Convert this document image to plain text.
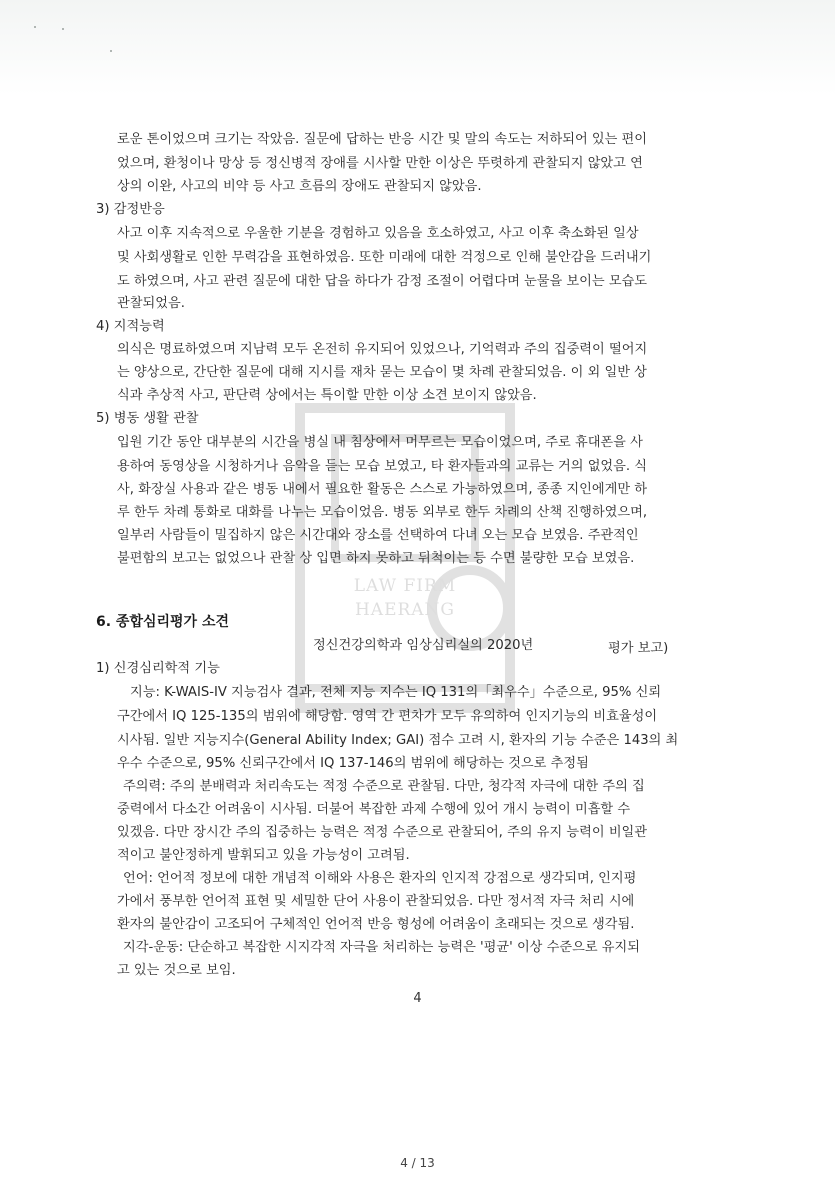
LAW FIRM
HAERANG
로운 톤이었으며 크기는 작았음. 질문에 답하는 반응 시간 및 말의 속도는 저하되어 있는 편이
었으며, 환청이나 망상 등 정신병적 장애를 시사할 만한 이상은 뚜렷하게 관찰되지 않았고 연
상의 이완, 사고의 비약 등 사고 흐름의 장애도 관찰되지 않았음.
3) 감정반응
사고 이후 지속적으로 우울한 기분을 경험하고 있음을 호소하였고, 사고 이후 축소화된 일상
및 사회생활로 인한 무력감을 표현하였음. 또한 미래에 대한 걱정으로 인해 불안감을 드러내기
도 하였으며, 사고 관련 질문에 대한 답을 하다가 감정 조절이 어렵다며 눈물을 보이는 모습도
관찰되었음.
4) 지적능력
의식은 명료하였으며 지남력 모두 온전히 유지되어 있었으나, 기억력과 주의 집중력이 떨어지
는 양상으로, 간단한 질문에 대해 지시를 재차 묻는 모습이 몇 차례 관찰되었음. 이 외 일반 상
식과 추상적 사고, 판단력 상에서는 특이할 만한 이상 소견 보이지 않았음.
5) 병동 생활 관찰
입원 기간 동안 대부분의 시간을 병실 내 침상에서 머무르는 모습이었으며, 주로 휴대폰을 사
용하여 동영상을 시청하거나 음악을 듣는 모습 보였고, 타 환자들과의 교류는 거의 없었음. 식
사, 화장실 사용과 같은 병동 내에서 필요한 활동은 스스로 가능하였으며, 종종 지인에게만 하
루 한두 차례 통화로 대화를 나누는 모습이었음. 병동 외부로 한두 차례의 산책 진행하였으며,
일부러 사람들이 밀집하지 않은 시간대와 장소를 선택하여 다녀 오는 모습 보였음. 주관적인
불편함의 보고는 없었으나 관찰 상 입면 하지 못하고 뒤척이는 등 수면 불량한 모습 보였음.
6. 종합심리평가 소견
정신건강의학과 임상심리실의 2020년	평가 보고)
1) 신경심리학적 기능
지능: K-WAIS-IV 지능검사 결과, 전체 지능 지수는 IQ 131의「최우수」수준으로, 95% 신뢰
구간에서 IQ 125-135의 범위에 해당함. 영역 간 편차가 모두 유의하여 인지기능의 비효율성이
시사됨. 일반 지능지수(General Ability Index; GAI) 점수 고려 시, 환자의 기능 수준은 143의 최
우수 수준으로, 95% 신뢰구간에서 IQ 137-146의 범위에 해당하는 것으로 추정됨
주의력: 주의 분배력과 처리속도는 적정 수준으로 관찰됨. 다만, 청각적 자극에 대한 주의 집
중력에서 다소간 어려움이 시사됨. 더불어 복잡한 과제 수행에 있어 개시 능력이 미흡할 수
있겠음. 다만 장시간 주의 집중하는 능력은 적정 수준으로 관찰되어, 주의 유지 능력이 비일관
적이고 불안정하게 발휘되고 있을 가능성이 고려됨.
언어: 언어적 정보에 대한 개념적 이해와 사용은 환자의 인지적 강점으로 생각되며, 인지평
가에서 풍부한 언어적 표현 및 세밀한 단어 사용이 관찰되었음. 다만 정서적 자극 처리 시에
환자의 불안감이 고조되어 구체적인 언어적 반응 형성에 어려움이 초래되는 것으로 생각됨.
지각-운동: 단순하고 복잡한 시지각적 자극을 처리하는 능력은 '평균' 이상 수준으로 유지되
고 있는 것으로 보임.
4
4 / 13
